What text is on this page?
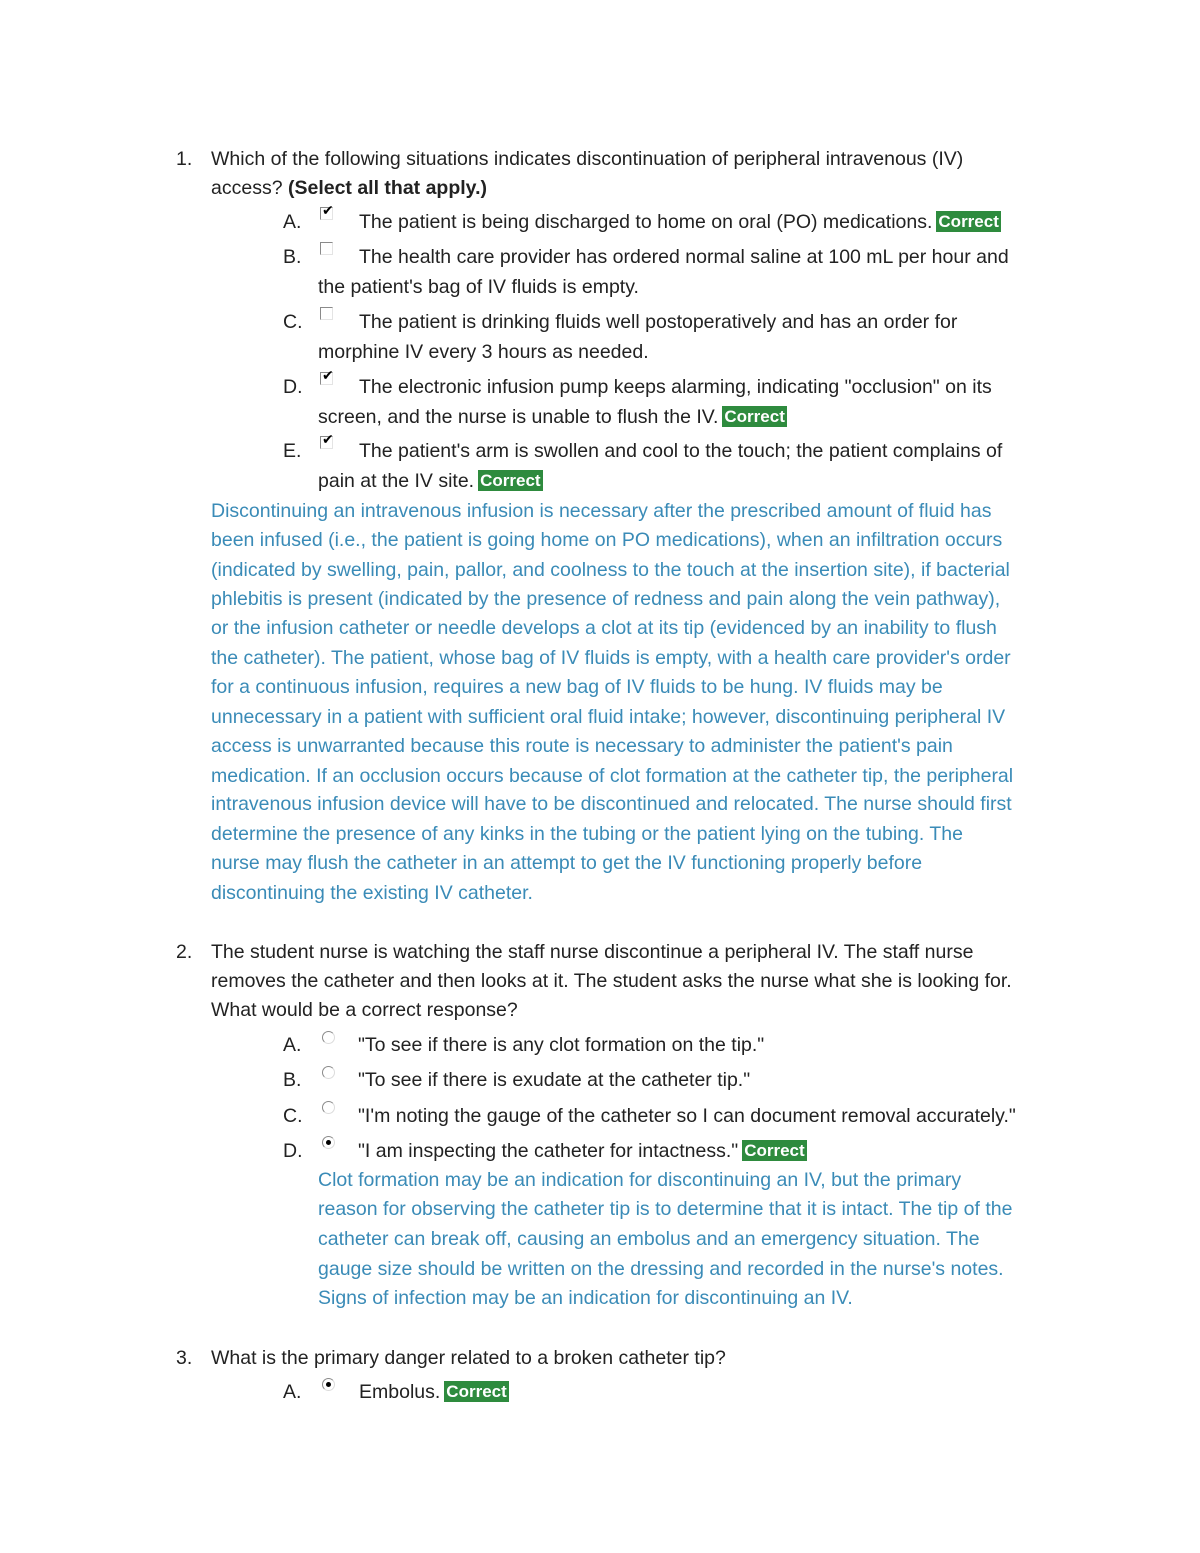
1. Which of the following situations indicates discontinuation of peripheral intravenous (IV)
access? (Select all that apply.)
A.
✔
The patient is being discharged to home on oral (PO) medications. Correct
B.	The health care provider has ordered normal saline at 100 mL per hour and
the patient's bag of IV fluids is empty.
C.	The patient is drinking fluids well postoperatively and has an order for
morphine IV every 3 hours as needed.
D.
✔
The electronic infusion pump keeps alarming, indicating "occlusion" on its
screen, and the nurse is unable to flush the IV. Correct
E.
✔
The patient's arm is swollen and cool to the touch; the patient complains of
pain at the IV site. Correct
Discontinuing an intravenous infusion is necessary after the prescribed amount of fluid has
been infused (i.e., the patient is going home on PO medications), when an infiltration occurs
(indicated by swelling, pain, pallor, and coolness to the touch at the insertion site), if bacterial
phlebitis is present (indicated by the presence of redness and pain along the vein pathway),
or the infusion catheter or needle develops a clot at its tip (evidenced by an inability to flush
the catheter). The patient, whose bag of IV fluids is empty, with a health care provider's order
for a continuous infusion, requires a new bag of IV fluids to be hung. IV fluids may be
unnecessary in a patient with sufficient oral fluid intake; however, discontinuing peripheral IV
access is unwarranted because this route is necessary to administer the patient's pain
medication. If an occlusion occurs because of clot formation at the catheter tip, the peripheral
intravenous infusion device will have to be discontinued and relocated. The nurse should first
determine the presence of any kinks in the tubing or the patient lying on the tubing. The
nurse may flush the catheter in an attempt to get the IV functioning properly before
discontinuing the existing IV catheter.
2. The student nurse is watching the staff nurse discontinue a peripheral IV. The staff nurse
removes the catheter and then looks at it. The student asks the nurse what she is looking for.
What would be a correct response?
A.	"To see if there is any clot formation on the tip."
B.	"To see if there is exudate at the catheter tip."
C.	"I'm noting the gauge of the catheter so I can document removal accurately."
D.	"I am inspecting the catheter for intactness." Correct
Clot formation may be an indication for discontinuing an IV, but the primary
reason for observing the catheter tip is to determine that it is intact. The tip of the
catheter can break off, causing an embolus and an emergency situation. The
gauge size should be written on the dressing and recorded in the nurse's notes.
Signs of infection may be an indication for discontinuing an IV.
3. What is the primary danger related to a broken catheter tip?
A.	Embolus. Correct
